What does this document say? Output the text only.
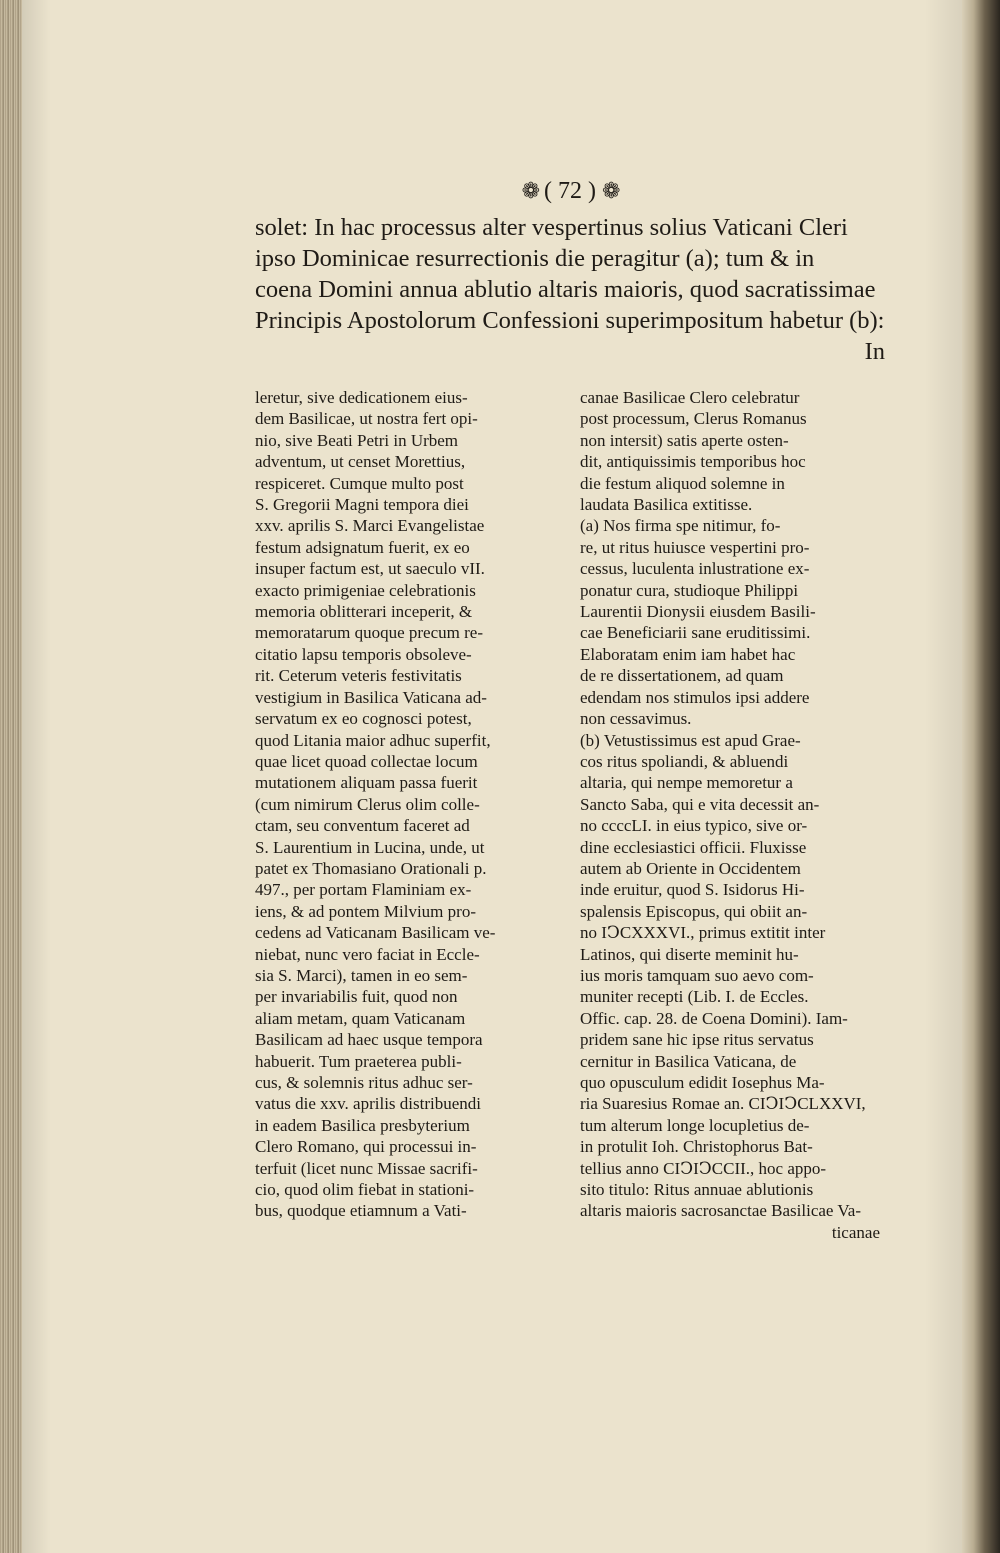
❁ ( 72 ) ❁
solet: In hac processus alter vespertinus solius Vaticani Cleri
ipso Dominicae resurrectionis die peragitur (a); tum & in
coena Domini annua ablutio altaris maioris, quod sacratissimae
Principis Apostolorum Confessioni superimpositum habetur (b):
In
leretur, sive dedicationem eius-
dem Basilicae, ut nostra fert opi-
nio, sive Beati Petri in Urbem
adventum, ut censet Morettius,
respiceret. Cumque multo post
S. Gregorii Magni tempora diei
xxv. aprilis S. Marci Evangelistae
festum adsignatum fuerit, ex eo
insuper factum est, ut saeculo vII.
exacto primigeniae celebrationis
memoria oblitterari inceperit, &
memoratarum quoque precum re-
citatio lapsu temporis obsoleve-
rit. Ceterum veteris festivitatis
vestigium in Basilica Vaticana ad-
servatum ex eo cognosci potest,
quod Litania maior adhuc superfit,
quae licet quoad collectae locum
mutationem aliquam passa fuerit
(cum nimirum Clerus olim colle-
ctam, seu conventum faceret ad
S. Laurentium in Lucina, unde, ut
patet ex Thomasiano Orationali p.
497., per portam Flaminiam ex-
iens, & ad pontem Milvium pro-
cedens ad Vaticanam Basilicam ve-
niebat, nunc vero faciat in Eccle-
sia S. Marci), tamen in eo sem-
per invariabilis fuit, quod non
aliam metam, quam Vaticanam
Basilicam ad haec usque tempora
habuerit. Tum praeterea publi-
cus, & solemnis ritus adhuc ser-
vatus die xxv. aprilis distribuendi
in eadem Basilica presbyterium
Clero Romano, qui processui in-
terfuit (licet nunc Missae sacrifi-
cio, quod olim fiebat in stationi-
bus, quodque etiamnum a Vati-
canae Basilicae Clero celebratur
post processum, Clerus Romanus
non intersit) satis aperte osten-
dit, antiquissimis temporibus hoc
die festum aliquod solemne in
laudata Basilica extitisse.
(a) Nos firma spe nitimur, fo-
re, ut ritus huiusce vespertini pro-
cessus, luculenta inlustratione ex-
ponatur cura, studioque Philippi
Laurentii Dionysii eiusdem Basili-
cae Beneficiarii sane eruditissimi.
Elaboratam enim iam habet hac
de re dissertationem, ad quam
edendam nos stimulos ipsi addere
non cessavimus.
(b) Vetustissimus est apud Grae-
cos ritus spoliandi, & abluendi
altaria, qui nempe memoretur a
Sancto Saba, qui e vita decessit an-
no ccccLI. in eius typico, sive or-
dine ecclesiastici officii. Fluxisse
autem ab Oriente in Occidentem
inde eruitur, quod S. Isidorus Hi-
spalensis Episcopus, qui obiit an-
no IↃCXXXVI., primus extitit inter
Latinos, qui diserte meminit hu-
ius moris tamquam suo aevo com-
muniter recepti (Lib. I. de Eccles.
Offic. cap. 28. de Coena Domini). Iam-
pridem sane hic ipse ritus servatus
cernitur in Basilica Vaticana, de
quo opusculum edidit Iosephus Ma-
ria Suaresius Romae an. CIↃIↃCLXXVI,
tum alterum longe locupletius de-
in protulit Ioh. Christophorus Bat-
tellius anno CIↃIↃCCII., hoc appo-
sito titulo: Ritus annuae ablutionis
altaris maioris sacrosanctae Basilicae Va-
ticanae
